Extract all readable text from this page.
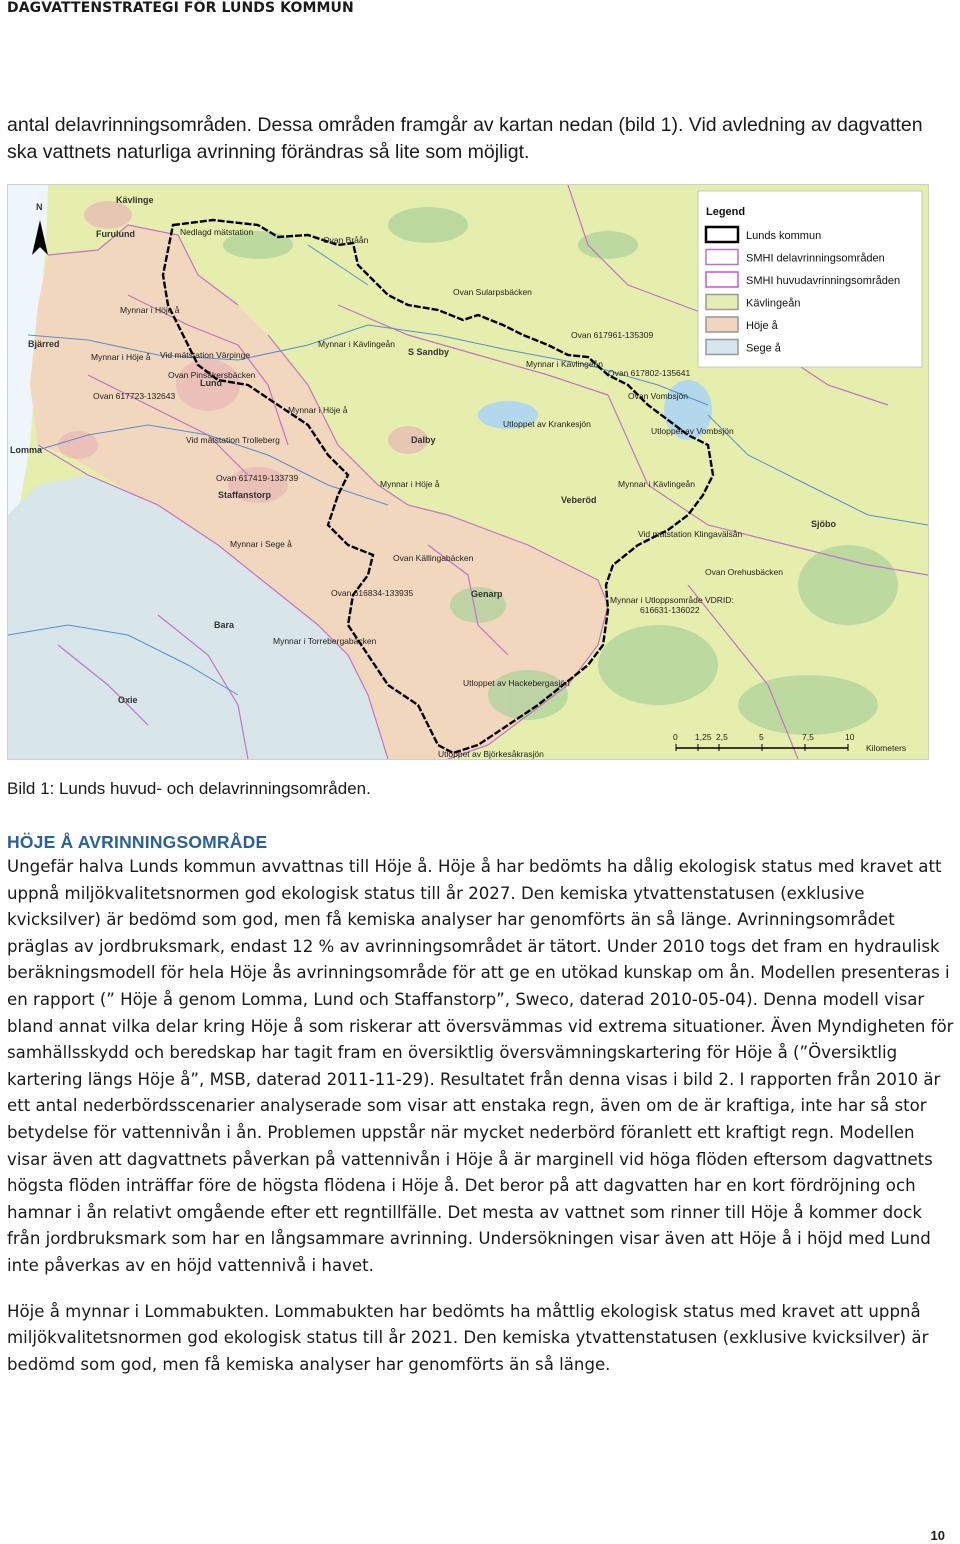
DAGVATTENSTRATEGI FÖR LUNDS KOMMUN

antal delavrinningsområden. Dessa områden framgår av kartan nedan (bild 1). Vid avledning av dagvatten ska vattnets naturliga avrinning förändras så lite som möjligt.

N
Kävlinge
Furulund	Nedlagd mätstation
Ovan Bråån
Ovan Sularpsbäcken
Mynnar i Höje å
Bjärred
Mynnar i Höje å Vid mätstation Värpinge
Mynnar i Kävlingeån
S Sandby
Ovan 617961-135309
Mynnar i Kävlingeån
Ovan Pinsåkersbäcken
Lund
Ovan 617802-135641
Ovan 617723-132643
Mynnar i Höje å
Ovan Vombsjön
Utloppet av Krankesjön
Utloppet av Vombsjön
Vid mätstation Trolleberg	Dalby
Lomma
Ovan 617419-133739
Mynnar i Höje å	Mynnar i Kävlingeån
Staffanstorp	Veberöd
Vid mätstation Klingavälsån
Sjöbo
Mynnar i Sege å
Ovan Källingabäcken
Ovan Orehusbäcken
Ovan 616834-133935	Genarp
Mynnar i Utloppsområde VDRID:
616631-136022
Bara
Mynnar i Torrebergabäcken
Utloppet av Hackebergasjön
Oxie
Utloppet av Björkesåkrasjön
Legend
Lunds kommun
SMHI delavrinningsområden
SMHI huvudavrinningsområden
Kävlingeån
Höje å
Sege å
0 1,25 2,5	5	7,5	10
Kilometers
Bild 1: Lunds huvud- och delavrinningsområden.
HÖJE Å AVRINNINGSOMRÅDE

Ungefär halva Lunds kommun avvattnas till Höje å. Höje å har bedömts ha dålig ekologisk status med kravet att uppnå miljökvalitetsnormen god ekologisk status till år 2027. Den kemiska ytvattenstatusen (exklusive kvicksilver) är bedömd som god, men få kemiska analyser har genomförts än så länge. Avrinningsområdet präglas av jordbruksmark, endast 12 % av avrinningsområdet är tätort. Under 2010 togs det fram en hydraulisk beräkningsmodell för hela Höje ås avrinningsområde för att ge en utökad kunskap om ån. Modellen presenteras i en rapport (” Höje å genom Lomma, Lund och Staffanstorp”, Sweco, daterad 2010-05-04). Denna modell visar bland annat vilka delar kring Höje å som riskerar att översvämmas vid extrema situationer. Även Myndigheten för samhällsskydd och beredskap har tagit fram en översiktlig översvämningskartering för Höje å (”Översiktlig kartering längs Höje å”, MSB, daterad 2011-11-29). Resultatet från denna visas i bild 2. I rapporten från 2010 är ett antal nederbördsscenarier analyserade som visar att enstaka regn, även om de är kraftiga, inte har så stor betydelse för vattennivån i ån. Problemen uppstår när mycket nederbörd föranlett ett kraftigt regn. Modellen visar även att dagvattnets påverkan på vattennivån i Höje å är marginell vid höga flöden eftersom dagvattnets högsta flöden inträffar före de högsta flödena i Höje å. Det beror på att dagvatten har en kort fördröjning och hamnar i ån relativt omgående efter ett regntillfälle. Det mesta av vattnet som rinner till Höje å kommer dock från jordbruksmark som har en långsammare avrinning. Undersökningen visar även att Höje å i höjd med Lund inte påverkas av en höjd vattennivå i havet.

Höje å mynnar i Lommabukten. Lommabukten har bedömts ha måttlig ekologisk status med kravet att uppnå miljökvalitetsnormen god ekologisk status till år 2021. Den kemiska ytvattenstatusen (exklusive kvicksilver) är bedömd som god, men få kemiska analyser har genomförts än så länge.

10
